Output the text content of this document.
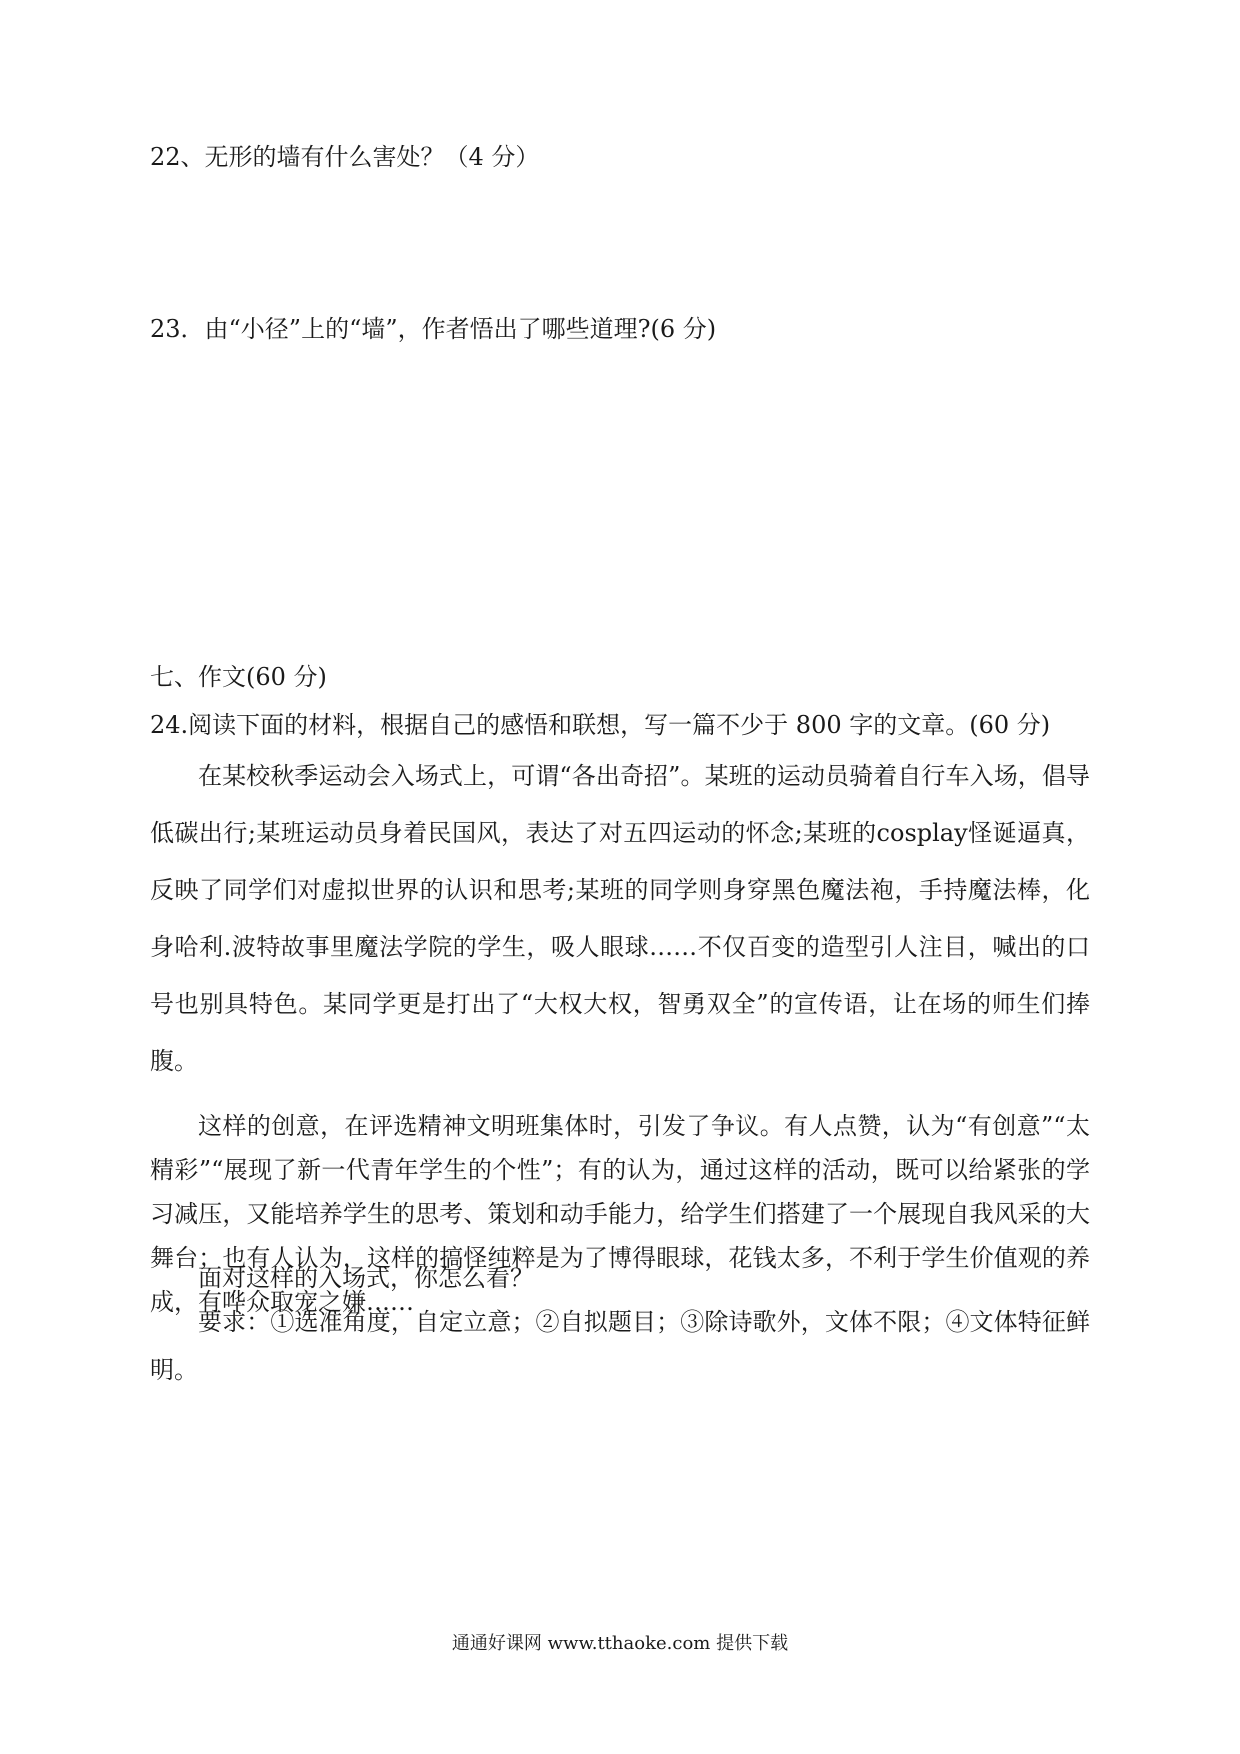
22、无形的墙有什么害处？（4 分）
23．由“小径”上的“墙”，作者悟出了哪些道理?(6 分)
七、作文(60 分)
24.阅读下面的材料，根据自己的感悟和联想，写一篇不少于 800 字的文章。(60 分)

在某校秋季运动会入场式上，可谓“各出奇招”。某班的运动员骑着自行车入场，倡导低碳出行;某班运动员身着民国风，表达了对五四运动的怀念;某班的cosplay怪诞逼真，反映了同学们对虚拟世界的认识和思考;某班的同学则身穿黑色魔法袍，手持魔法棒，化身哈利.波特故事里魔法学院的学生，吸人眼球……不仅百变的造型引人注目，喊出的口号也别具特色。某同学更是打出了“大权大权，智勇双全”的宣传语，让在场的师生们捧腹。

这样的创意，在评选精神文明班集体时，引发了争议。有人点赞，认为“有创意”“太精彩”“展现了新一代青年学生的个性”；有的认为，通过这样的活动，既可以给紧张的学习减压，又能培养学生的思考、策划和动手能力，给学生们搭建了一个展现自我风采的大舞台；也有人认为，这样的搞怪纯粹是为了博得眼球，花钱太多，不利于学生价值观的养成，有哗众取宠之嫌……

面对这样的入场式，你怎么看？

要求：①选准角度，自定立意；②自拟题目；③除诗歌外，文体不限；④文体特征鲜明。

通通好课网 www.tthaoke.com 提供下载
